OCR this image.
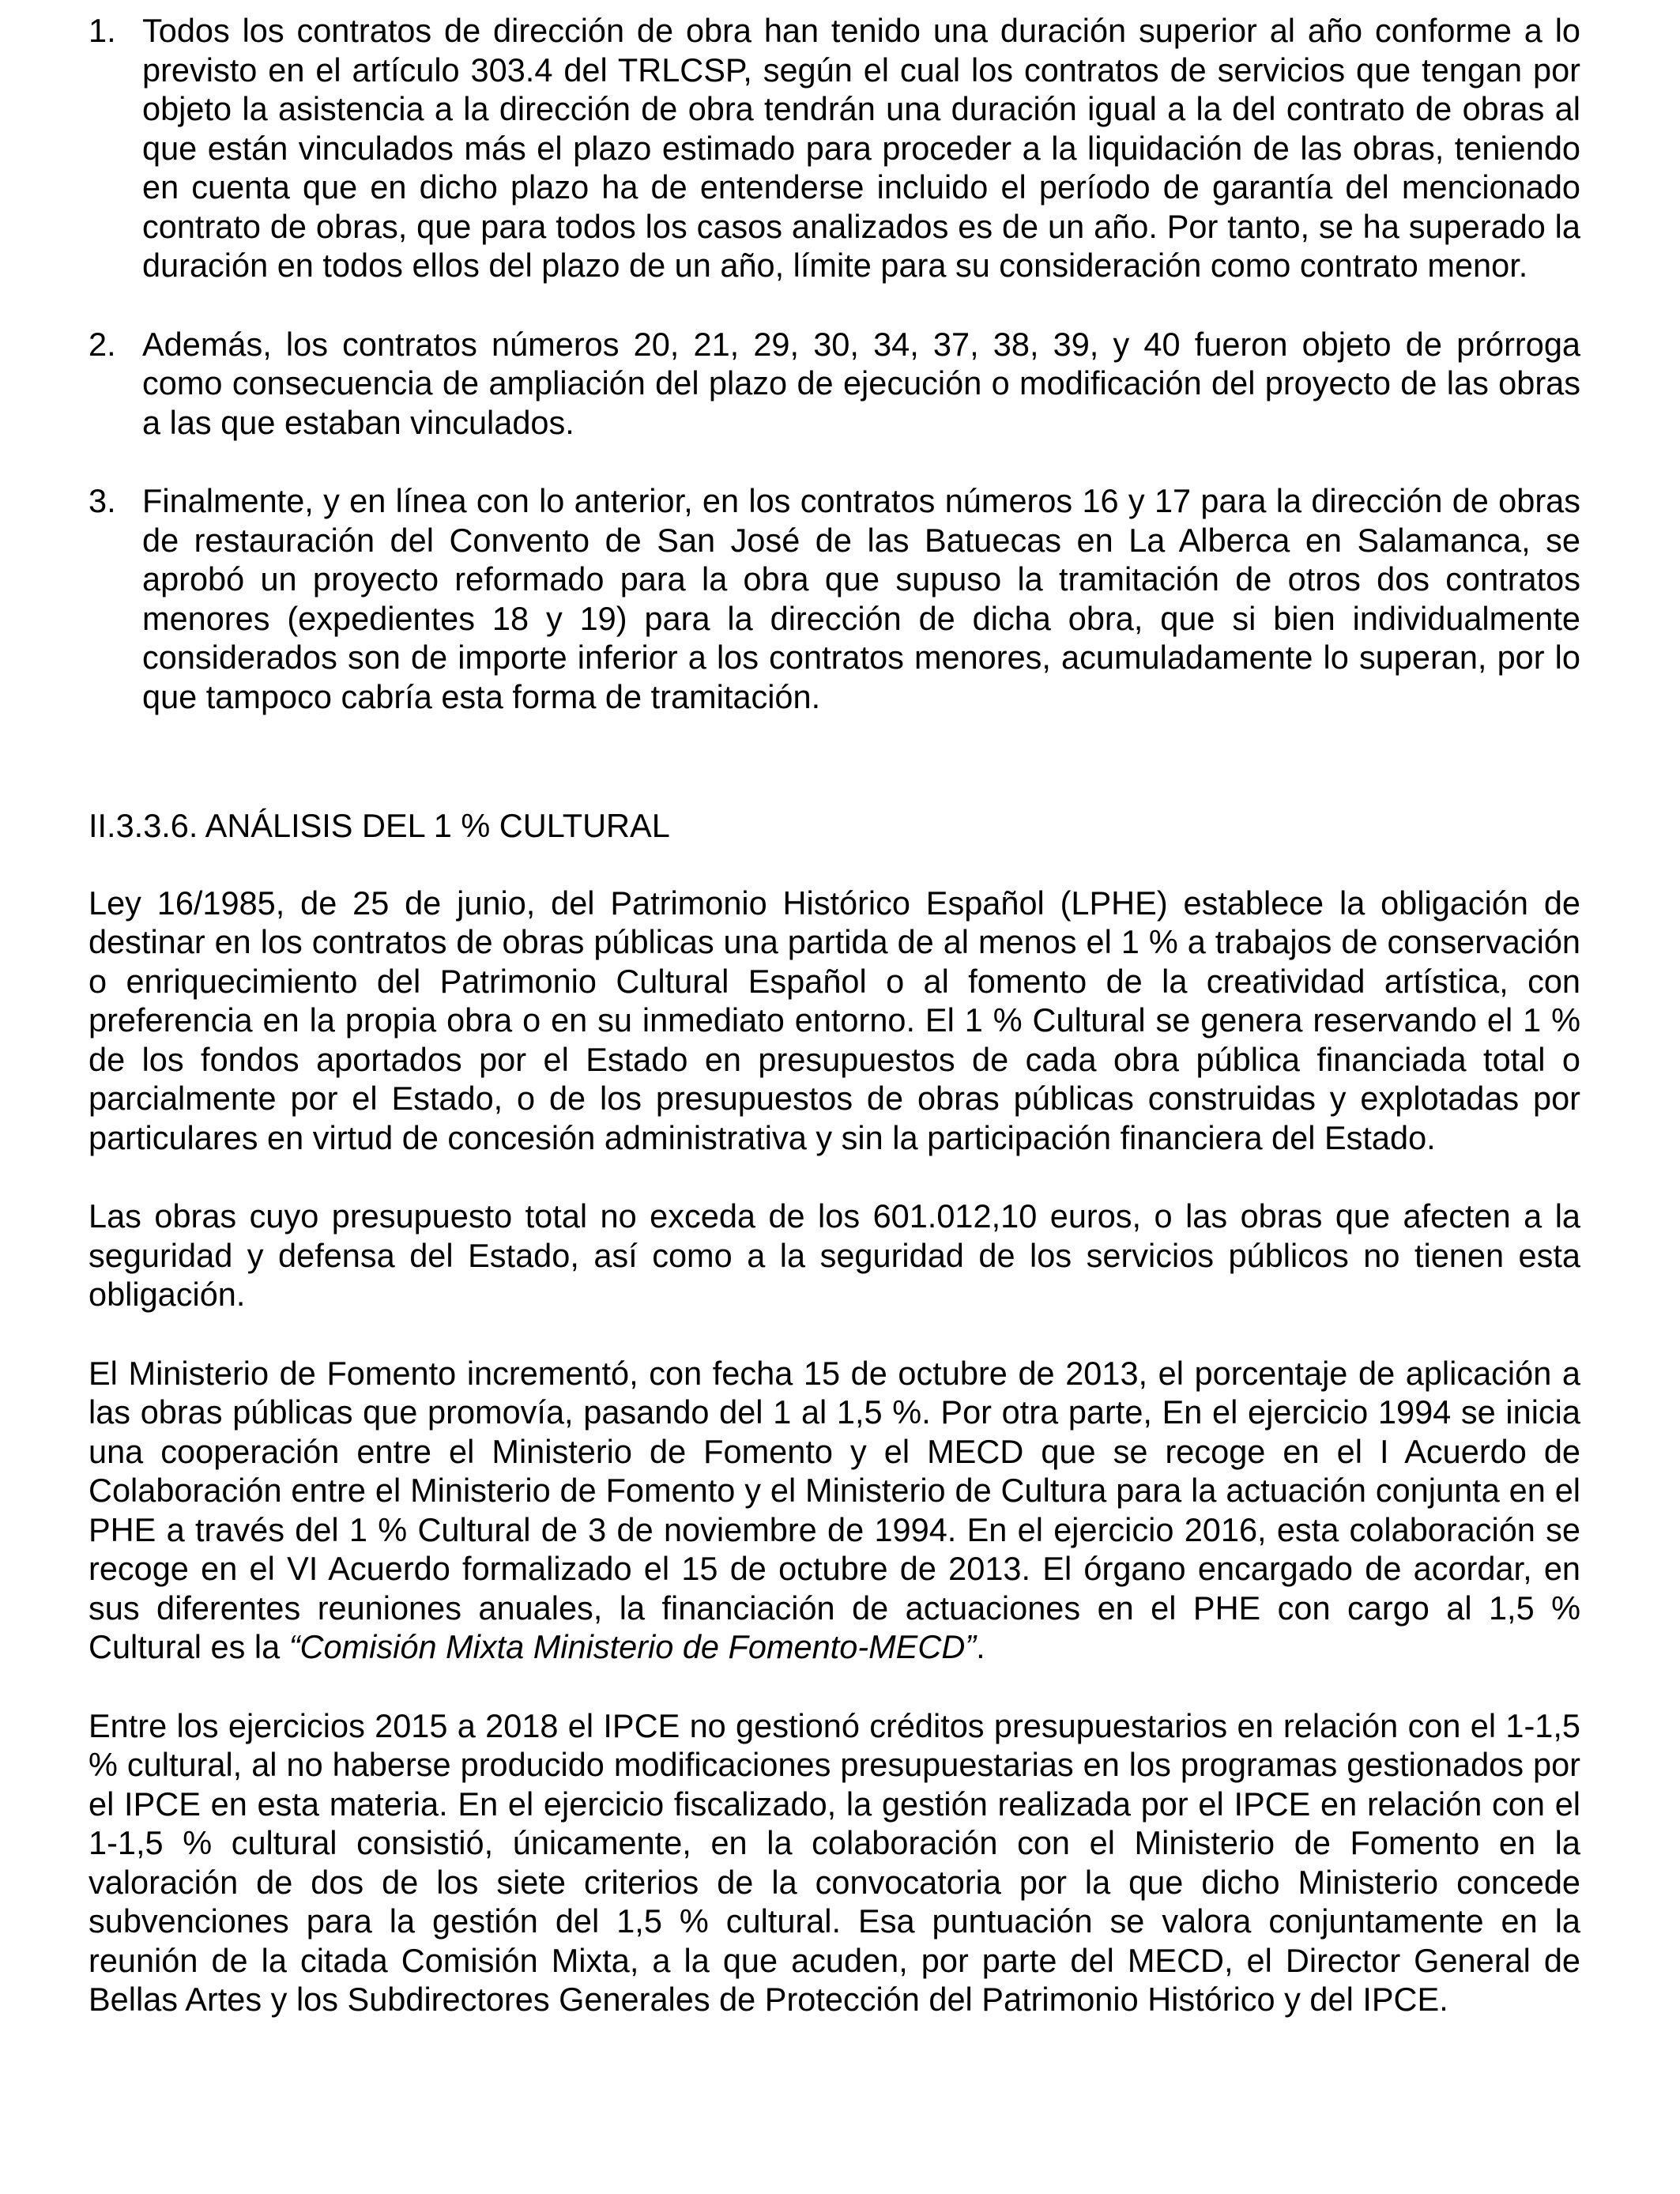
1. Todos los contratos de dirección de obra han tenido una duración superior al año conforme a lo previsto en el artículo 303.4 del TRLCSP, según el cual los contratos de servicios que tengan por objeto la asistencia a la dirección de obra tendrán una duración igual a la del contrato de obras al que están vinculados más el plazo estimado para proceder a la liquidación de las obras, teniendo en cuenta que en dicho plazo ha de entenderse incluido el período de garantía del mencionado contrato de obras, que para todos los casos analizados es de un año. Por tanto, se ha superado la duración en todos ellos del plazo de un año, límite para su consideración como contrato menor.
2. Además, los contratos números 20, 21, 29, 30, 34, 37, 38, 39, y 40 fueron objeto de prórroga como consecuencia de ampliación del plazo de ejecución o modificación del proyecto de las obras a las que estaban vinculados.
3. Finalmente, y en línea con lo anterior, en los contratos números 16 y 17 para la dirección de obras de restauración del Convento de San José de las Batuecas en La Alberca en Salamanca, se aprobó un proyecto reformado para la obra que supuso la tramitación de otros dos contratos menores (expedientes 18 y 19) para la dirección de dicha obra, que si bien individualmente considerados son de importe inferior a los contratos menores, acumuladamente lo superan, por lo que tampoco cabría esta forma de tramitación.
II.3.3.6. ANÁLISIS DEL 1 % CULTURAL

Ley 16/1985, de 25 de junio, del Patrimonio Histórico Español (LPHE) establece la obligación de destinar en los contratos de obras públicas una partida de al menos el 1 % a trabajos de conservación o enriquecimiento del Patrimonio Cultural Español o al fomento de la creatividad artística, con preferencia en la propia obra o en su inmediato entorno. El 1 % Cultural se genera reservando el 1 % de los fondos aportados por el Estado en presupuestos de cada obra pública financiada total o parcialmente por el Estado, o de los presupuestos de obras públicas construidas y explotadas por particulares en virtud de concesión administrativa y sin la participación financiera del Estado.

Las obras cuyo presupuesto total no exceda de los 601.012,10 euros, o las obras que afecten a la seguridad y defensa del Estado, así como a la seguridad de los servicios públicos no tienen esta obligación.

El Ministerio de Fomento incrementó, con fecha 15 de octubre de 2013, el porcentaje de aplicación a las obras públicas que promovía, pasando del 1 al 1,5 %. Por otra parte, En el ejercicio 1994 se inicia una cooperación entre el Ministerio de Fomento y el MECD que se recoge en el I Acuerdo de Colaboración entre el Ministerio de Fomento y el Ministerio de Cultura para la actuación conjunta en el PHE a través del 1 % Cultural de 3 de noviembre de 1994. En el ejercicio 2016, esta colaboración se recoge en el VI Acuerdo formalizado el 15 de octubre de 2013. El órgano encargado de acordar, en sus diferentes reuniones anuales, la financiación de actuaciones en el PHE con cargo al 1,5 % Cultural es la “Comisión Mixta Ministerio de Fomento-MECD”.

Entre los ejercicios 2015 a 2018 el IPCE no gestionó créditos presupuestarios en relación con el 1-1,5 % cultural, al no haberse producido modificaciones presupuestarias en los programas gestionados por el IPCE en esta materia. En el ejercicio fiscalizado, la gestión realizada por el IPCE en relación con el 1-1,5 % cultural consistió, únicamente, en la colaboración con el Ministerio de Fomento en la valoración de dos de los siete criterios de la convocatoria por la que dicho Ministerio concede subvenciones para la gestión del 1,5 % cultural. Esa puntuación se valora conjuntamente en la reunión de la citada Comisión Mixta, a la que acuden, por parte del MECD, el Director General de Bellas Artes y los Subdirectores Generales de Protección del Patrimonio Histórico y del IPCE.
